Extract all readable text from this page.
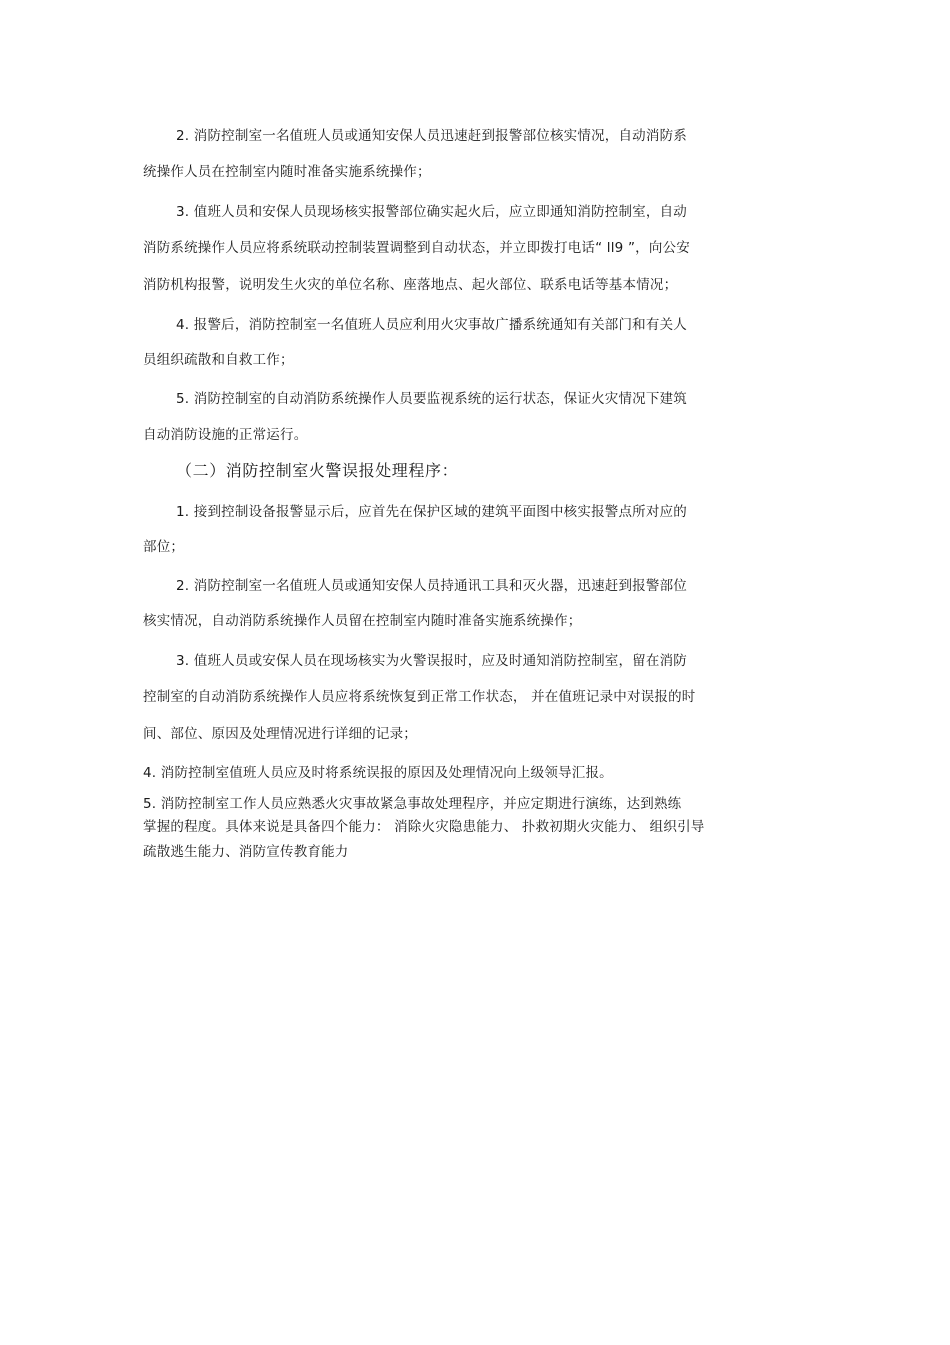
2. 消防控制室一名值班人员或通知安保人员迅速赶到报警部位核实情况，自动消防系
统操作人员在控制室内随时准备实施系统操作；
3. 值班人员和安保人员现场核实报警部位确实起火后，应立即通知消防控制室，自动
消防系统操作人员应将系统联动控制装置调整到自动状态，并立即拨打电话“ ll9 ”，向公安
消防机构报警，说明发生火灾的单位名称、座落地点、起火部位、联系电话等基本情况；
4. 报警后，消防控制室一名值班人员应利用火灾事故广播系统通知有关部门和有关人
员组织疏散和自救工作；
5. 消防控制室的自动消防系统操作人员要监视系统的运行状态，保证火灾情况下建筑
自动消防设施的正常运行。
（二）消防控制室火警误报处理程序：
1. 接到控制设备报警显示后，应首先在保护区域的建筑平面图中核实报警点所对应的
部位；
2. 消防控制室一名值班人员或通知安保人员持通讯工具和灭火器，迅速赶到报警部位
核实情况，自动消防系统操作人员留在控制室内随时准备实施系统操作；
3. 值班人员或安保人员在现场核实为火警误报时，应及时通知消防控制室，留在消防
控制室的自动消防系统操作人员应将系统恢复到正常工作状态， 并在值班记录中对误报的时
间、部位、原因及处理情况进行详细的记录；
4. 消防控制室值班人员应及时将系统误报的原因及处理情况向上级领导汇报。
5. 消防控制室工作人员应熟悉火灾事故紧急事故处理程序，并应定期进行演练，达到熟练
掌握的程度。具体来说是具备四个能力： 消除火灾隐患能力、 扑救初期火灾能力、 组织引导
疏散逃生能力、消防宣传教育能力
